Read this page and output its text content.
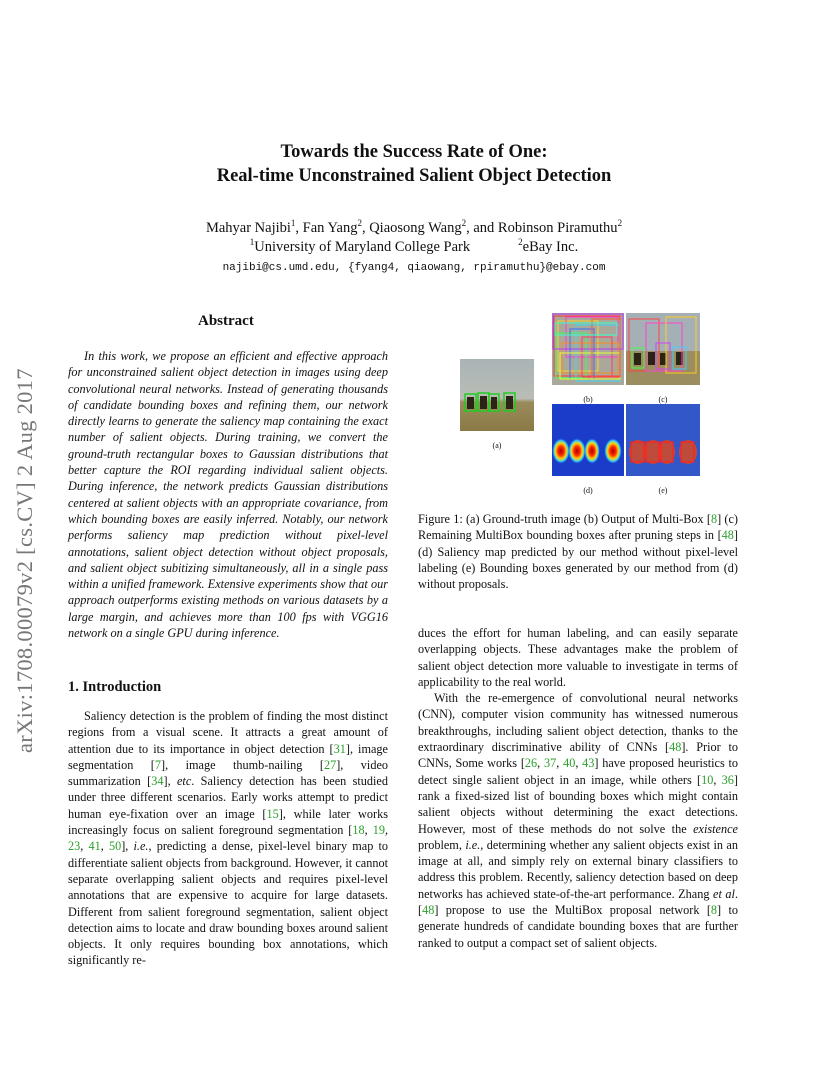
arXiv:1708.00079v2 [cs.CV] 2 Aug 2017
Towards the Success Rate of One:
Real-time Unconstrained Salient Object Detection
Mahyar Najibi$^1$, Fan Yang$^2$, Qiaosong Wang$^2$, and Robinson Piramuthu$^2$
$^1$University of Maryland College Park	$^2$eBay Inc.
najibi@cs.umd.edu, {fyang4, qiaowang, rpiramuthu}@ebay.com
Abstract

In this work, we propose an efficient and effective approach for unconstrained salient object detection in images using deep convolutional neural networks. Instead of generating thousands of candidate bounding boxes and refining them, our network directly learns to generate the saliency map containing the exact number of salient objects. During training, we convert the ground-truth rectangular boxes to Gaussian distributions that better capture the ROI regarding individual salient objects. During inference, the network predicts Gaussian distributions centered at salient objects with an appropriate covariance, from which bounding boxes are easily inferred. Notably, our network performs saliency map prediction without pixel-level annotations, salient object detection without object proposals, and salient object subitizing simultaneously, all in a single pass within a unified framework. Extensive experiments show that our approach outperforms existing methods on various datasets by a large margin, and achieves more than 100 fps with VGG16 network on a single GPU during inference.

1. Introduction

Saliency detection is the problem of finding the most distinct regions from a visual scene. It attracts a great amount of attention due to its importance in object detection [31], image segmentation [7], image thumb-nailing [27], video summarization [34], etc. Saliency detection has been studied under three different scenarios. Early works attempt to predict human eye-fixation over an image [15], while later works increasingly focus on salient foreground segmentation [18, 19, 23, 41, 50], i.e., predicting a dense, pixel-level binary map to differentiate salient objects from background. However, it cannot separate overlapping salient objects and requires pixel-level annotations that are expensive to acquire for large datasets. Different from salient foreground segmentation, salient object detection aims to locate and draw bounding boxes around salient objects. It only requires bounding box annotations, which significantly re-

(a)
(b)	(c)
(d)	(e)
Figure 1: (a) Ground-truth image (b) Output of Multi-Box [8] (c) Remaining MultiBox bounding boxes after pruning steps in [48] (d) Saliency map predicted by our method without pixel-level labeling (e) Bounding boxes generated by our method from (d) without proposals.

duces the effort for human labeling, and can easily separate overlapping objects. These advantages make the problem of salient object detection more valuable to investigate in terms of applicability to the real world.

With the re-emergence of convolutional neural networks (CNN), computer vision community has witnessed numerous breakthroughs, including salient object detection, thanks to the extraordinary discriminative ability of CNNs [48]. Prior to CNNs, Some works [26, 37, 40, 43] have proposed heuristics to detect single salient object in an image, while others [10, 36] rank a fixed-sized list of bounding boxes which might contain salient objects without determining the exact detections. However, most of these methods do not solve the existence problem, i.e., determining whether any salient objects exist in an image at all, and simply rely on external binary classifiers to address this problem. Recently, saliency detection based on deep networks has achieved state-of-the-art performance. Zhang et al. [48] propose to use the MultiBox proposal network [8] to generate hundreds of candidate bounding boxes that are further ranked to output a compact set of salient objects.
